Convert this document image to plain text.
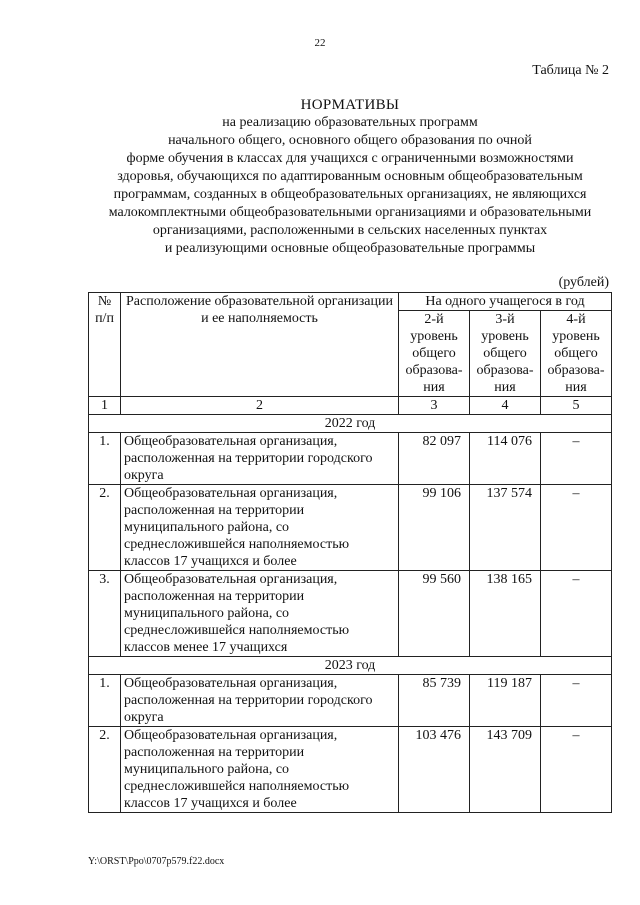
22
Таблица № 2
НОРМАТИВЫ
на реализацию образовательных программ
начального общего, основного общего образования по очной
форме обучения в классах для учащихся с ограниченными возможностями
здоровья, обучающихся по адаптированным основным общеобразовательным
программам, созданных в общеобразовательных организациях, не являющихся
малокомплектными общеобразовательными организациями и образовательными
организациями, расположенными в сельских населенных пунктах
и реализующими основные общеобразовательные программы
(рублей)
№ п/п	Расположение образовательной организации и ее наполняемость	На одного учащегося в год		
		2-й уровень общего образова-ния	3-й уровень общего образова-ния	4-й уровень общего образова-ния
1	2	3	4	5
2022 год				
1.	Общеобразовательная организация, расположенная на территории городского округа	82 097	114 076	–
2.	Общеобразовательная организация, расположенная на территории муниципального района, со среднесложившейся наполняемостью классов 17 учащихся и более	99 106	137 574	–
3.	Общеобразовательная организация, расположенная на территории муниципального района, со среднесложившейся наполняемостью классов менее 17 учащихся	99 560	138 165	–
2023 год				
1.	Общеобразовательная организация, расположенная на территории городского округа	85 739	119 187	–
2.	Общеобразовательная организация, расположенная на территории муниципального района, со среднесложившейся наполняемостью классов 17 учащихся и более	103 476	143 709	–
Y:\ORST\Ppo\0707p579.f22.docx
